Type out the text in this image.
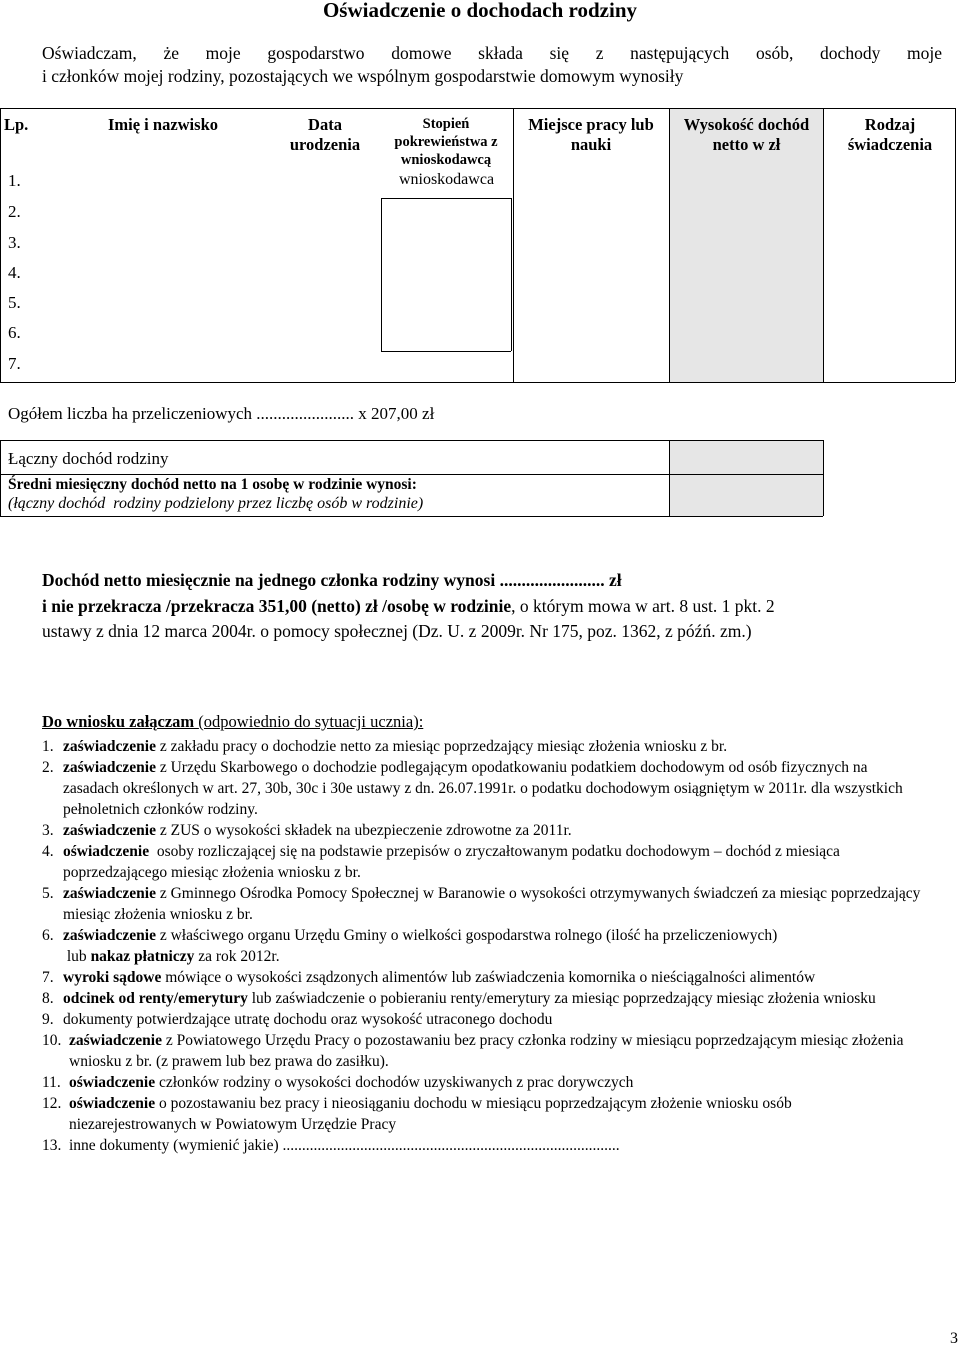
Oświadczenie o dochodach rodziny
Oświadczam, że moje gospodarstwo domowe składa się z następujących osób, dochody moje
i członków mojej rodziny, pozostających we wspólnym gospodarstwie domowym wynosiły
Lp.	Imię i nazwisko	Data urodzenia
Stopień pokrewieństwa z wnioskodawcą
Miejsce pracy lub nauki
Wysokość dochód netto w zł
Rodzaj świadczenia
wnioskodawca
1.
2.
3.
4.
5.
6.
7.
Ogółem liczba ha przeliczeniowych ....................... x 207,00 zł
Łączny dochód rodziny
Średni miesięczny dochód netto na 1 osobę w rodzinie wynosi:
(łączny dochód  rodziny podzielony przez liczbę osób w rodzinie)
Dochód netto miesięcznie na jednego członka rodziny wynosi ........................ zł
i nie przekracza /przekracza 351,00 (netto) zł /osobę w rodzinie, o którym mowa w art. 8 ust. 1 pkt. 2
ustawy z dnia 12 marca 2004r. o pomocy społecznej (Dz. U. z 2009r. Nr 175, poz. 1362, z późń. zm.)
Do wniosku załączam (odpowiednio do sytuacji ucznia):
1. zaświadczenie z zakładu pracy o dochodzie netto za miesiąc poprzedzający miesiąc złożenia wniosku z br.
2. zaświadczenie z Urzędu Skarbowego o dochodzie podlegającym opodatkowaniu podatkiem dochodowym od osób fizycznych na zasadach określonych w art. 27, 30b, 30c i 30e ustawy z dn. 26.07.1991r. o podatku dochodowym osiągniętym w 2011r. dla wszystkich pełnoletnich członków rodziny.
3. zaświadczenie z ZUS o wysokości składek na ubezpieczenie zdrowotne za 2011r.
4. oświadczenie  osoby rozliczającej się na podstawie przepisów o zryczałtowanym podatku dochodowym – dochód z miesiąca poprzedzającego miesiąc złożenia wniosku z br.
5. zaświadczenie z Gminnego Ośrodka Pomocy Społecznej w Baranowie o wysokości otrzymywanych świadczeń za miesiąc poprzedzający miesiąc złożenia wniosku z br.
6. zaświadczenie z właściwego organu Urzędu Gminy o wielkości gospodarstwa rolnego (ilość ha przeliczeniowych)
lub nakaz płatniczy za rok 2012r.
7. wyroki sądowe mówiące o wysokości zsądzonych alimentów lub zaświadczenia komornika o nieściągalności alimentów
8. odcinek od renty/emerytury lub zaświadczenie o pobieraniu renty/emerytury za miesiąc poprzedzający miesiąc złożenia wniosku
9. dokumenty potwierdzające utratę dochodu oraz wysokość utraconego dochodu
10. zaświadczenie z Powiatowego Urzędu Pracy o pozostawaniu bez pracy członka rodziny w miesiącu poprzedzającym miesiąc złożenia wniosku z br. (z prawem lub bez prawa do zasiłku).
11. oświadczenie członków rodziny o wysokości dochodów uzyskiwanych z prac dorywczych
12. oświadczenie o pozostawaniu bez pracy i nieosiąganiu dochodu w miesiącu poprzedzającym złożenie wniosku osób niezarejestrowanych w Powiatowym Urzędzie Pracy
13. inne dokumenty (wymienić jakie) .......................................................................................
3
